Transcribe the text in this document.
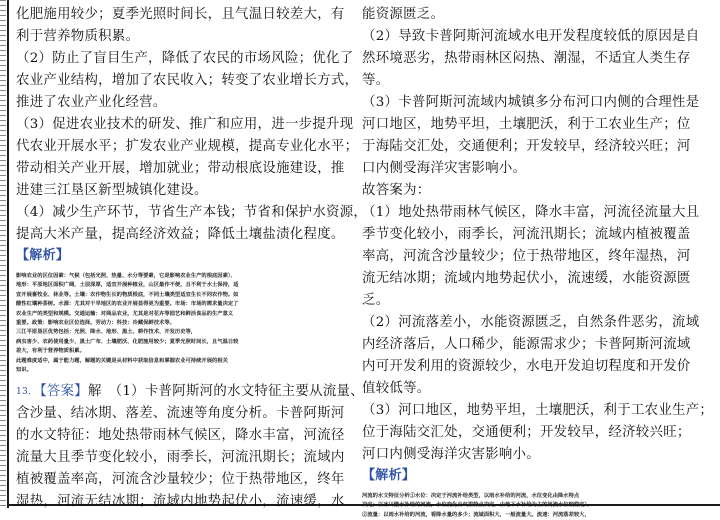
化肥施用较少；夏季光照时间长，且气温日较差大，有

利于营养物质积累。

（2）防止了盲目生产，降低了农民的市场风险；优化了

农业产业结构，增加了农民收入；转变了农业增长方式，

推进了农业产业化经营。

（3）促进农业技术的研发、推广和应用，进一步提升现

代农业开展水平；扩发农业产业规模，提高专业化水平；

带动相关产业开展，增加就业；带动根底设施建设，推

进建三江垦区新型城镇化建设。

（4）减少生产环节，节省生产本钱；节省和保护水资源，

提高大米产量，提高经济效益；降低土壤盐渍化程度。

【解析】

影响农业的区位因素：气候（包括光照、热量、水分等要素，它是影响农业生产的根底因素）、

地形：平原地区面积广阔，土层深厚，适宜开展种植业，山区最作不便，且不利于水土保持，适

宜开展畜牧业、林业等。土壤：农作物生长的物质根底，不同土壤类型适宜生长不同农作物。如

酸性红壤种茶树。水源：尤其对干旱地区的农业开展显得更为重要。市场：市场的需求量决定了

农业生产的类型和规模。交通运输：对商品农业，尤其是对花卉等园艺和鲜活食品的生产意义

重要。政策：影响农业区位选择。劳动力：科技：冷藏保鲜技术等。

三江平原垦区优势包括：光照、降水、地形、黑土、耕作技术、开发历史等，

病虫害少、农药使用量少、黑土广布、土壤肥沃、化肥施用较少；夏季光照时间长，且气温日较

差大，有利于营养物质积累。

此题难度适中，属于能力题，解题的关键是从材料中获取信息和掌握农业可持续开展的相关

知识。

$^{13.}$ 【答案】解　（1）卡普阿斯河的水文特征主要从流量、

含沙量、结冰期、落差、流速等角度分析。卡普阿斯河

的水文特征：地处热带雨林气候区，降水丰富，河流径

流量大且季节变化较小，雨季长，河流汛期长；流域内

植被覆盖率高，河流含沙量较少；位于热带地区，终年

湿热，河流无结冰期；流域内地势起伏小，流速缓，水

能资源匮乏。

（2）导致卡普阿斯河流域水电开发程度较低的原因是自

然环境恶劣，热带雨林区闷热、潮湿，不适宜人类生存

等。

（3）卡普阿斯河流域内城镇多分布河口内侧的合理性是

河口地区，地势平坦，土壤肥沃，利于工农业生产；位

于海陆交汇处，交通便利；开发较早，经济较兴旺；河

口内侧受海洋灾害影响小。

故答案为：

（1）地处热带雨林气候区，降水丰富，河流径流量大且

季节变化较小，雨季长，河流汛期长；流域内植被覆盖

率高，河流含沙量较少；位于热带地区，终年湿热，河

流无结冰期；流域内地势起伏小，流速缓，水能资源匮

乏。

（2）河流落差小，水能资源匮乏，自然条件恶劣，流域

内经济落后，人口稀少，能源需求少；卡普阿斯河流域

内可开发利用的资源较少，水电开发迫切程度和开发价

值较低等。

（3）河口地区，地势平坦，土壤肥沃，利于工农业生产；

位于海陆交汇处，交通便利；开发较早，经济较兴旺；

河口内侧受海洋灾害影响小。

【解析】

河流的水文特征分析①水位：决定于河流补给类型，以雨水补给的河流，水位变化由降水特点

决定；以冰川融水补给的河流，水位变化由气温特点决定。由地下水补给为主的河流水位较稳定）。

②流量：以雨水补给的河流，看降水量的多少；流域面积大，一般流量大。流速：河流落差较大，
